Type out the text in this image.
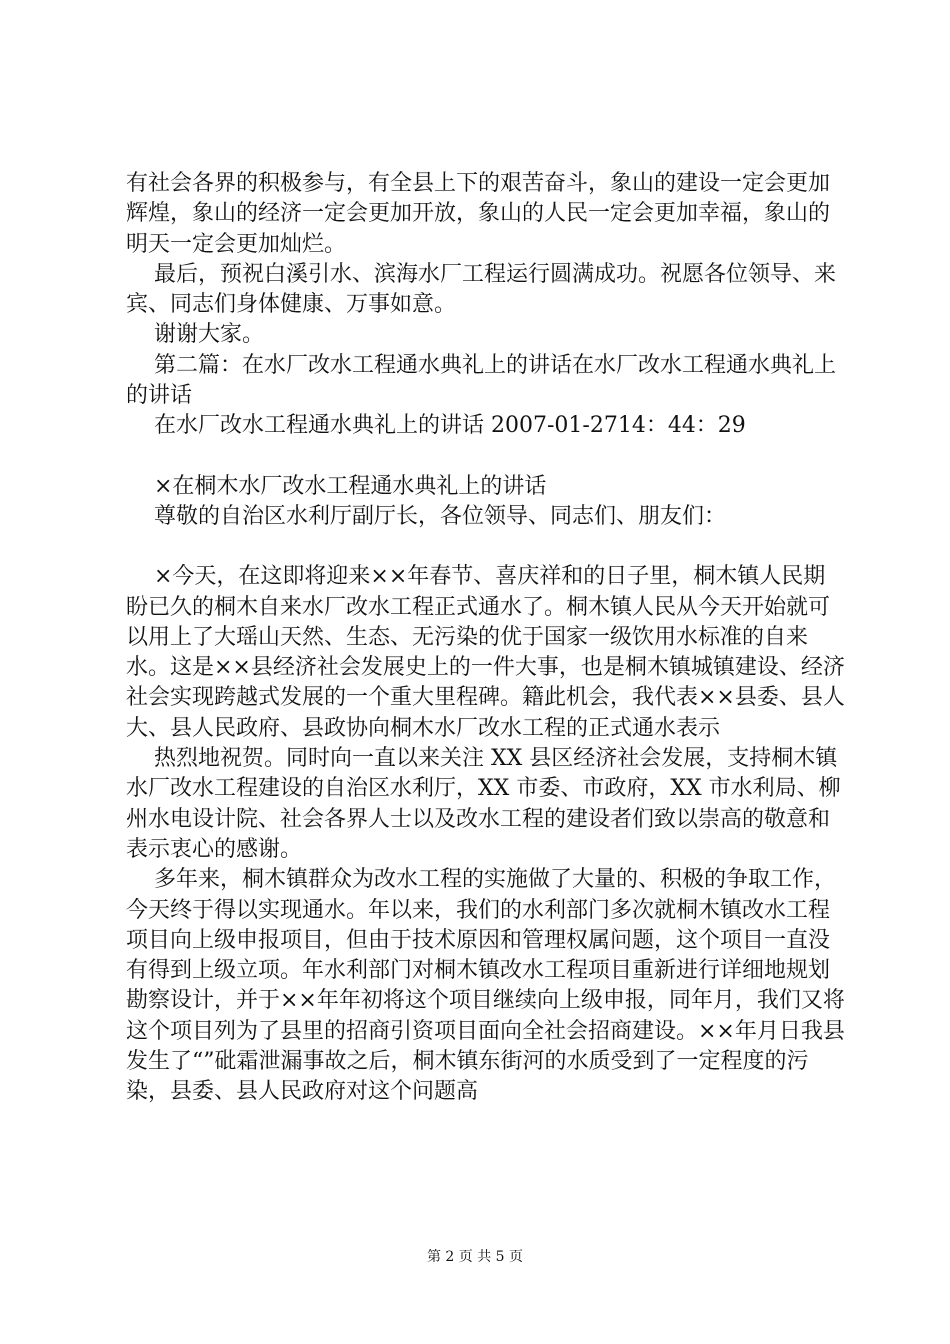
有社会各界的积极参与，有全县上下的艰苦奋斗，象山的建设一定会更加辉煌，象山的经济一定会更加开放，象山的人民一定会更加幸福，象山的明天一定会更加灿烂。

最后，预祝白溪引水、滨海水厂工程运行圆满成功。祝愿各位领导、来宾、同志们身体健康、万事如意。

谢谢大家。

第二篇：在水厂改水工程通水典礼上的讲话在水厂改水工程通水典礼上的讲话

在水厂改水工程通水典礼上的讲话 2007-01-2714：44：29

×在桐木水厂改水工程通水典礼上的讲话

尊敬的自治区水利厅副厅长，各位领导、同志们、朋友们：

×今天，在这即将迎来××年春节、喜庆祥和的日子里，桐木镇人民期盼已久的桐木自来水厂改水工程正式通水了。桐木镇人民从今天开始就可以用上了大瑶山天然、生态、无污染的优于国家一级饮用水标准的自来水。这是××县经济社会发展史上的一件大事，也是桐木镇城镇建设、经济社会实现跨越式发展的一个重大里程碑。籍此机会，我代表××县委、县人大、县人民政府、县政协向桐木水厂改水工程的正式通水表示

热烈地祝贺。同时向一直以来关注 XX 县区经济社会发展，支持桐木镇水厂改水工程建设的自治区水利厅，XX 市委、市政府，XX 市水利局、柳州水电设计院、社会各界人士以及改水工程的建设者们致以崇高的敬意和表示衷心的感谢。

多年来，桐木镇群众为改水工程的实施做了大量的、积极的争取工作，今天终于得以实现通水。年以来，我们的水利部门多次就桐木镇改水工程项目向上级申报项目，但由于技术原因和管理权属问题，这个项目一直没有得到上级立项。年水利部门对桐木镇改水工程项目重新进行详细地规划勘察设计，并于××年年初将这个项目继续向上级申报，同年月，我们又将这个项目列为了县里的招商引资项目面向全社会招商建设。××年月日我县发生了“”砒霜泄漏事故之后，桐木镇东街河的水质受到了一定程度的污染，县委、县人民政府对这个问题高

第 2 页 共 5 页
